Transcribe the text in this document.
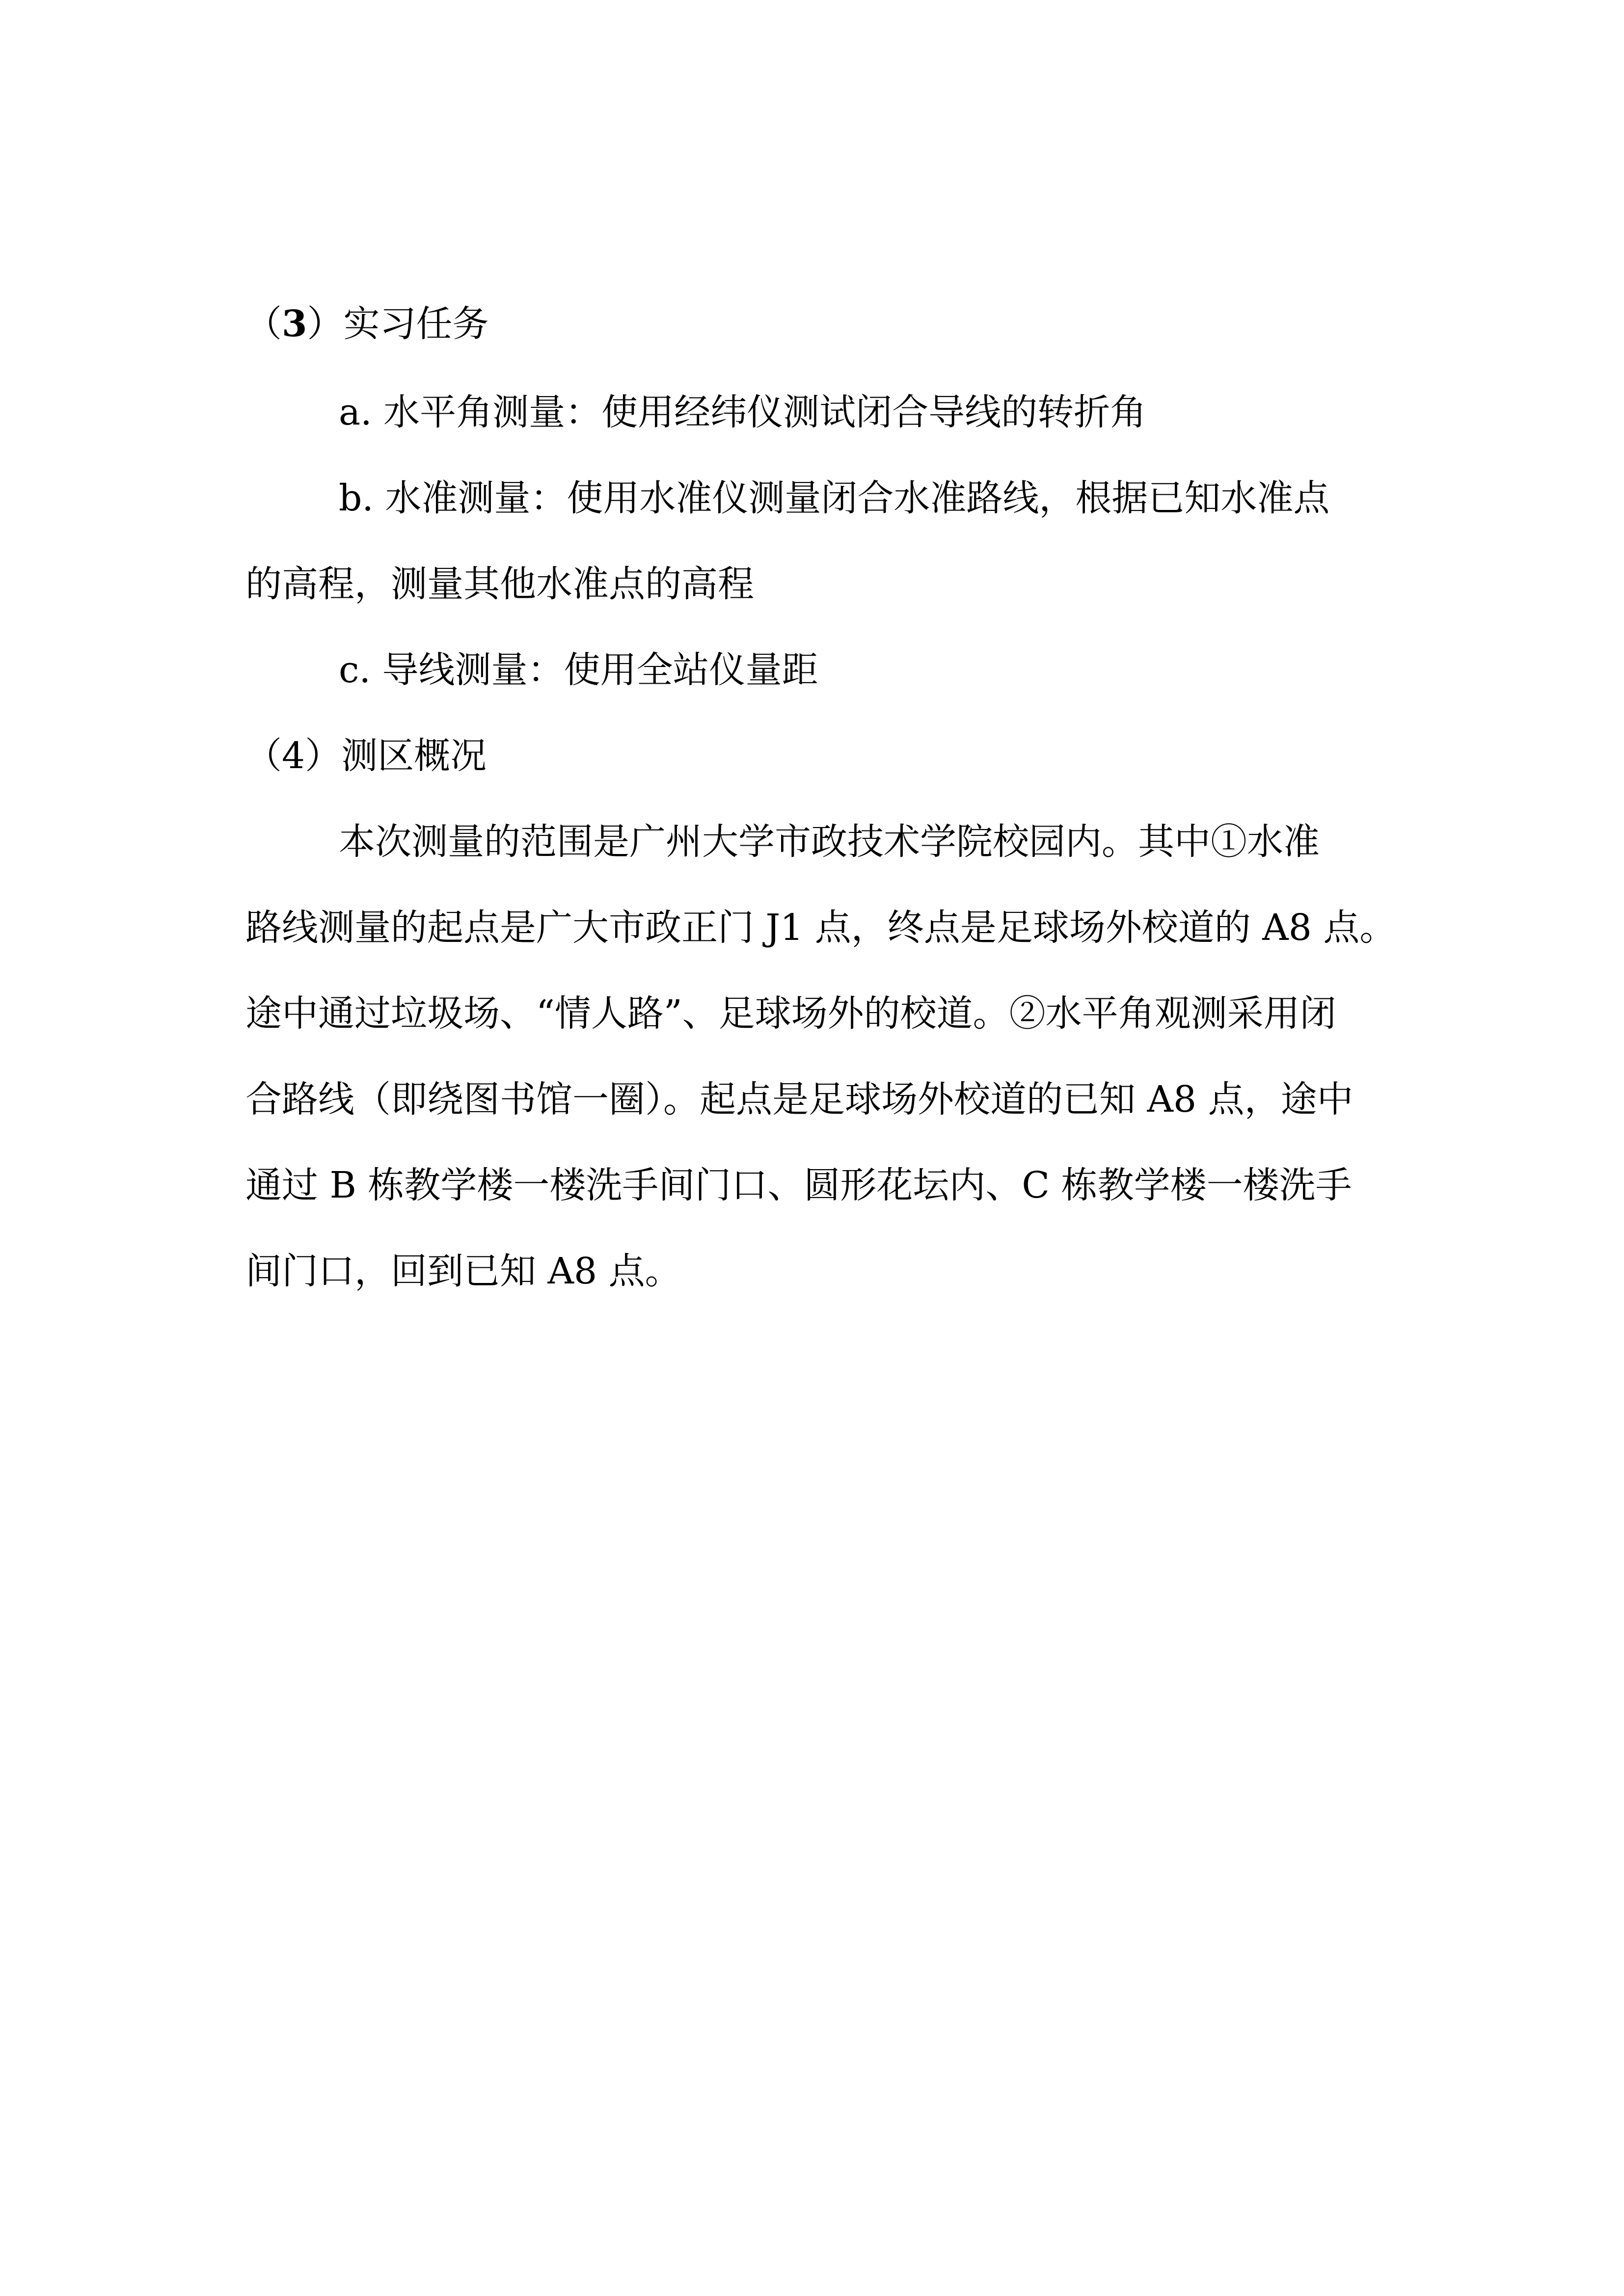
（3）实习任务
a. 水平角测量：使用经纬仪测试闭合导线的转折角
b. 水准测量：使用水准仪测量闭合水准路线，根据已知水准点
的高程，测量其他水准点的高程
c. 导线测量：使用全站仪量距
（4）测区概况
本次测量的范围是广州大学市政技术学院校园内。其中①水准
路线测量的起点是广大市政正门 J1 点，终点是足球场外校道的 A8 点。
途中通过垃圾场、“情人路”、足球场外的校道。②水平角观测采用闭
合路线（即绕图书馆一圈）。起点是足球场外校道的已知 A8 点，途中
通过 B 栋教学楼一楼洗手间门口、圆形花坛内、C 栋教学楼一楼洗手
间门口，回到已知 A8 点。
